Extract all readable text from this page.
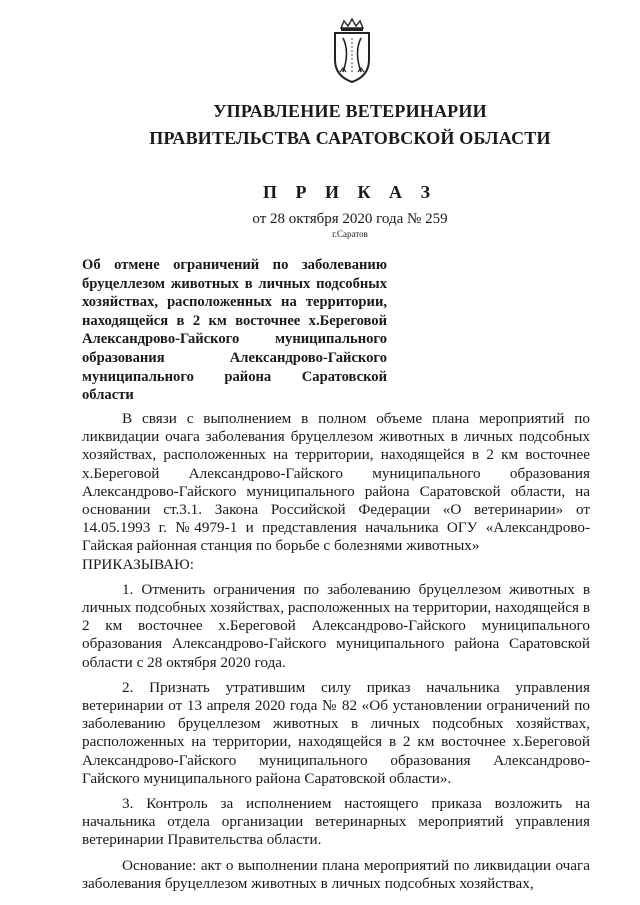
УПРАВЛЕНИЕ ВЕТЕРИНАРИИ
ПРАВИТЕЛЬСТВА САРАТОВСКОЙ ОБЛАСТИ
П Р И К А З
от 28 октября 2020 года № 259
г.Саратов
Об отмене ограничений по заболеванию бруцеллезом животных в личных подсобных хозяйствах, расположенных на территории, находящейся в 2 км восточнее х.Береговой Александрово-Гайского муниципального образования Александрово-Гайского муниципального района Саратовской области

В связи с выполнением в полном объеме плана мероприятий по ликвидации очага заболевания бруцеллезом животных в личных подсобных хозяйствах, расположенных на территории, находящейся в 2 км восточнее х.Береговой Александрово-Гайского муниципального образования Александрово-Гайского муниципального района Саратовской области, на основании ст.3.1. Закона Российской Федерации «О ветеринарии» от 14.05.1993 г. №4979-1 и представления начальника ОГУ «Александрово-Гайская районная станция по борьбе с болезнями животных»

ПРИКАЗЫВАЮ:

1. Отменить ограничения по заболеванию бруцеллезом животных в личных подсобных хозяйствах, расположенных на территории, находящейся в 2 км восточнее х.Береговой Александрово-Гайского муниципального образования Александрово-Гайского муниципального района Саратовской области с 28 октября 2020 года.

2. Признать утратившим силу приказ начальника управления ветеринарии от 13 апреля 2020 года № 82 «Об установлении ограничений по заболеванию бруцеллезом животных в личных подсобных хозяйствах, расположенных на территории, находящейся в 2 км восточнее х.Береговой Александрово-Гайского муниципального образования Александрово-Гайского муниципального района Саратовской области».

3. Контроль за исполнением настоящего приказа возложить на начальника отдела организации ветеринарных мероприятий управления ветеринарии Правительства области.

Основание: акт о выполнении плана мероприятий по ликвидации очага заболевания бруцеллезом животных в личных подсобных хозяйствах,
